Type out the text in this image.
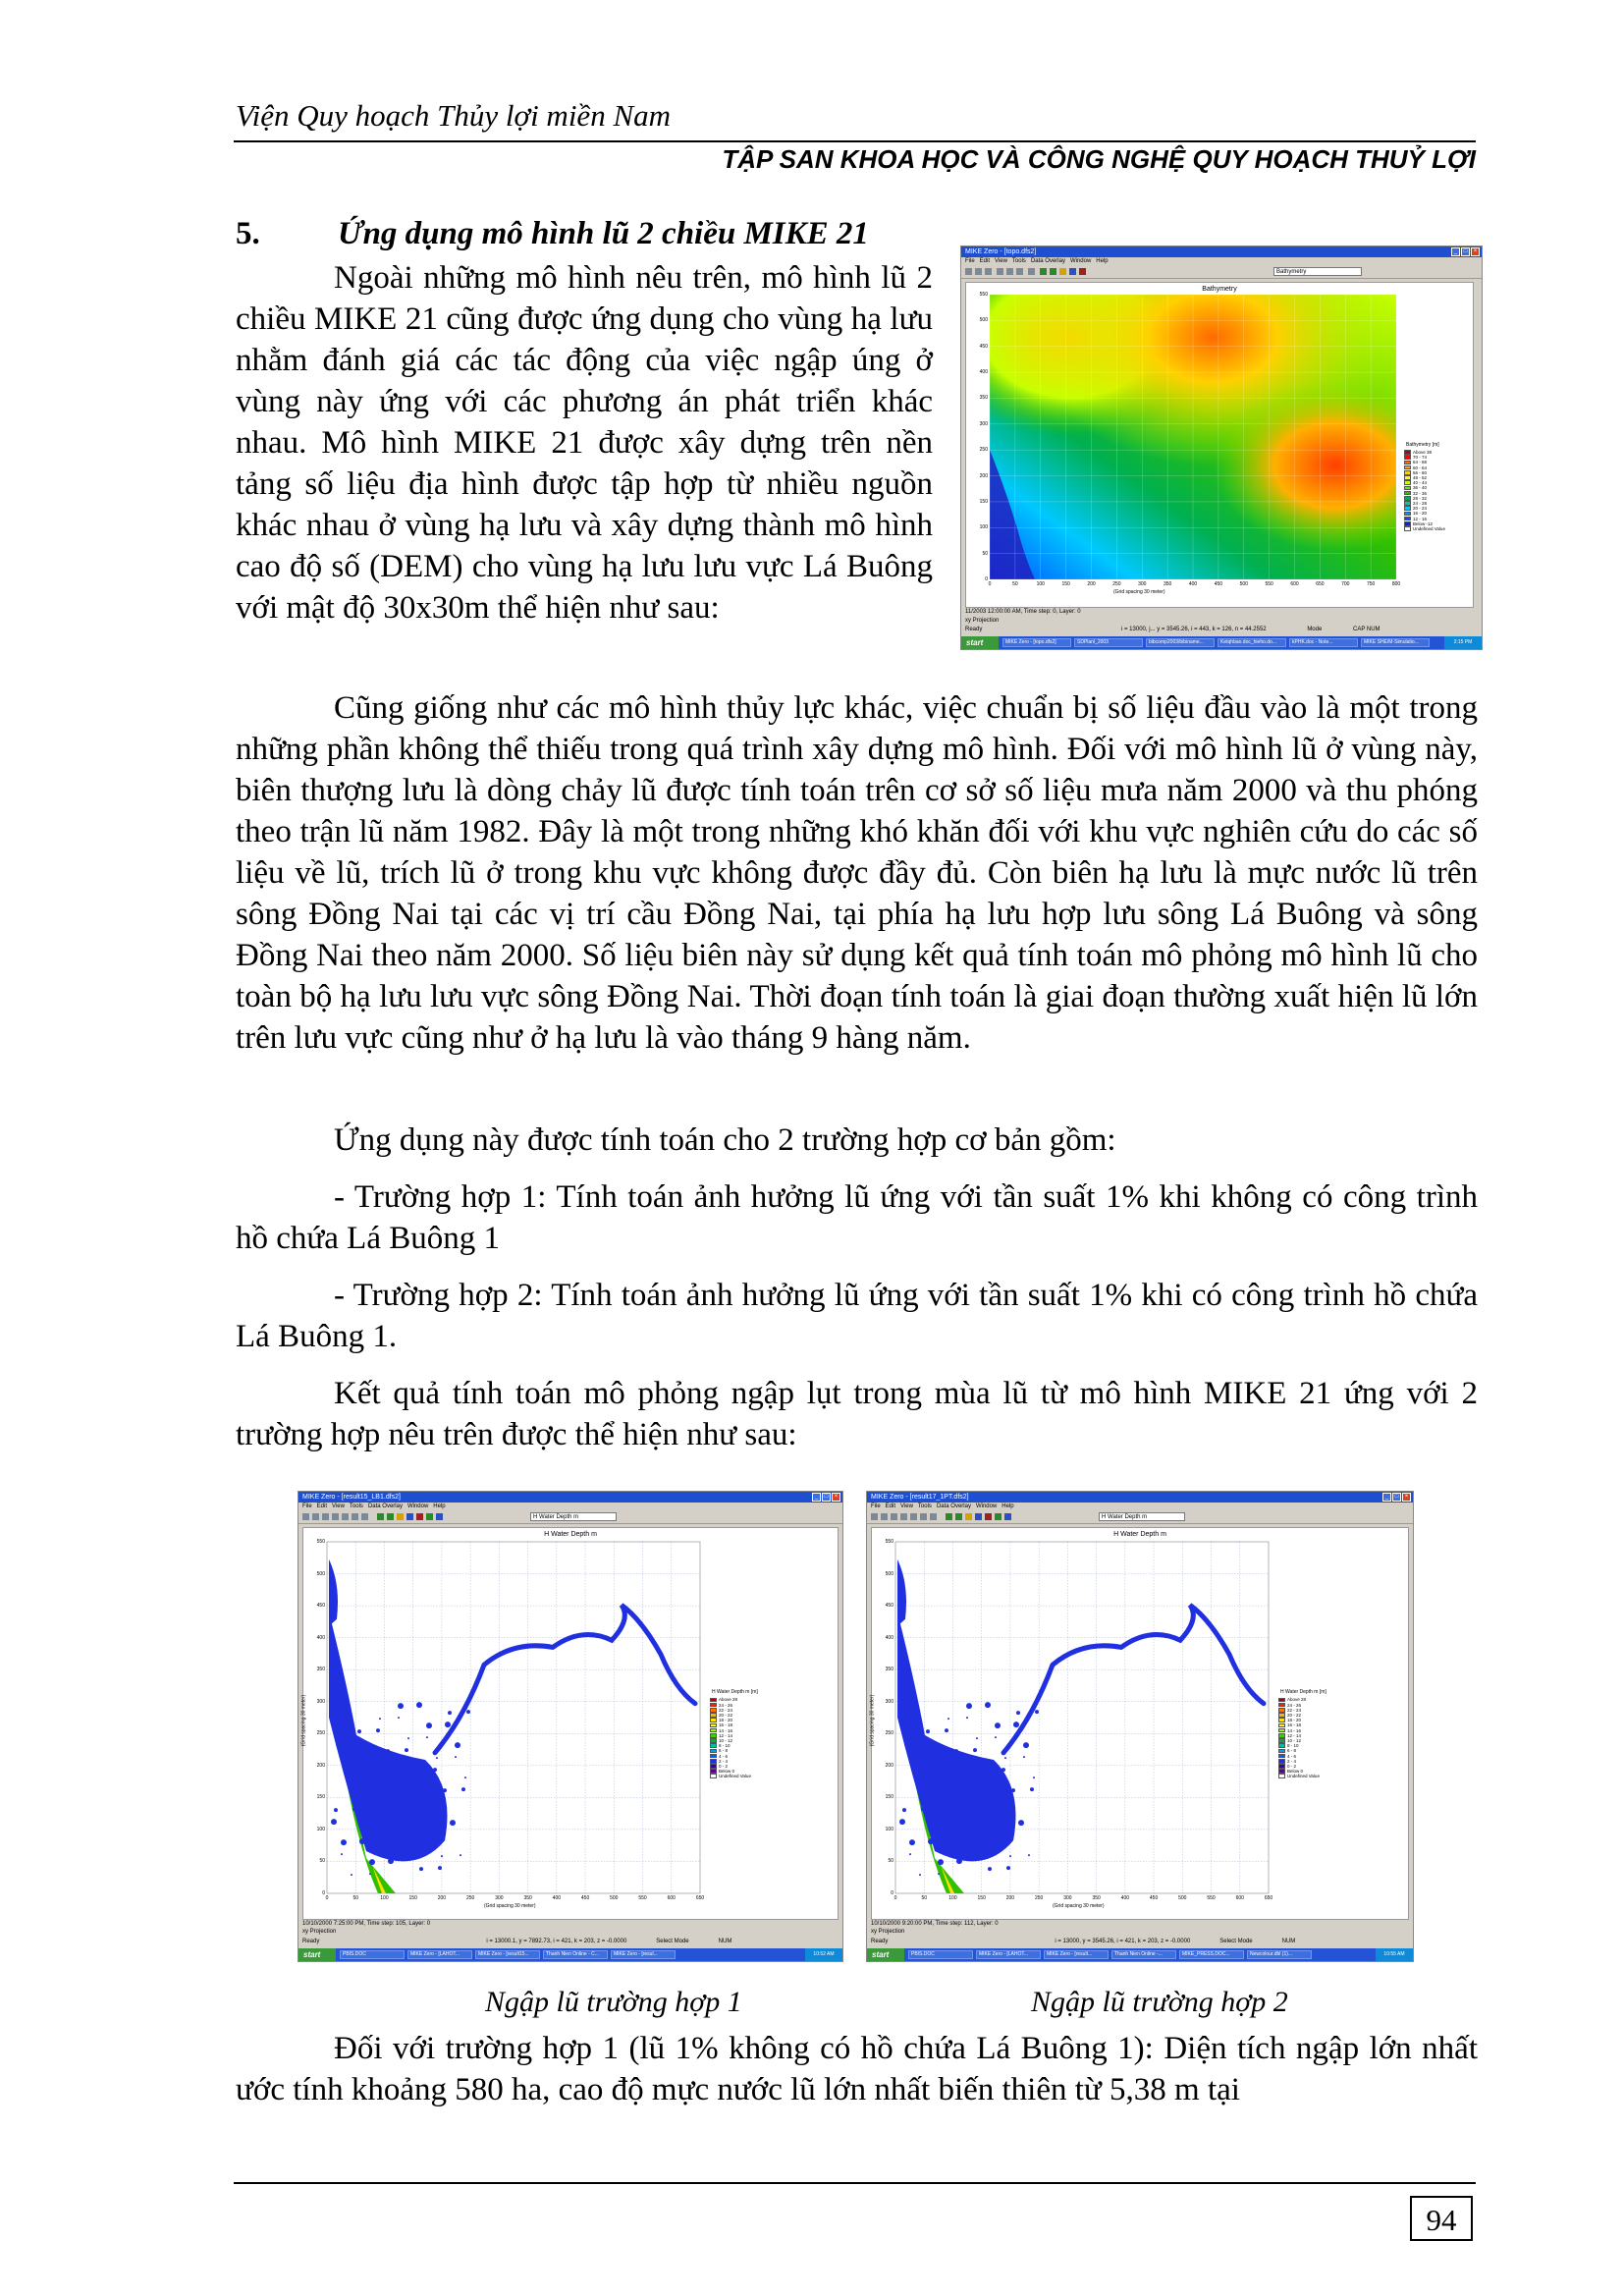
Viện Quy hoạch Thủy lợi miền Nam
TẬP SAN KHOA HỌC VÀ CÔNG NGHỆ QUY HOẠCH THUỶ LỢI
5. Ứng dụng mô hình lũ 2 chiều MIKE 21
Ngoài những mô hình nêu trên, mô hình lũ 2 chiều MIKE 21 cũng được ứng dụng cho vùng hạ lưu nhằm đánh giá các tác động của việc ngập úng ở vùng này ứng với các phương án phát triển khác nhau. Mô hình MIKE 21 được xây dựng trên nền tảng số liệu địa hình được tập hợp từ nhiều nguồn khác nhau ở vùng hạ lưu và xây dựng thành mô hình cao độ số (DEM) cho vùng hạ lưu lưu vực Lá Buông với mật độ 30x30m thể hiện như sau:
MIKE Zero - [topo.dfs2]	_	□	×
File Edit View Tools Data Overlay Window Help
Bathymetry
Bathymetry
Bathymetry [m]
Above 38
70 - 74
64 - 68
60 - 64
56 - 60
48 - 52
40 - 44
36 - 40
32 - 36
28 - 32
24 - 28
20 - 24
16 - 20
12 - 16
Below -12
Undefined Value
550
500
450
400
350
300
250
200
150
100
50
0
0	50	100	150	200	250	300	350	400	450	500	550	600	650	700	750	800
(Grid spacing 30 meter)
11/2003 12:00:00 AM, Time step: 0, Layer: 0
xy Projection
Ready	i = 13000, j... y = 3545.26, i = 443, k = 126, n = 44.2552	Mode	CAP NUM
start	MIKE Zero - [topo.dfs2]	SDPlanl_2003	bibcomp2003/bibiname...	Ketqhbao.doc_hieho.do...	kPHK.doc - Note...	MIKE SHE/M-Simulatio...	2:15 PM
Cũng giống như các mô hình thủy lực khác, việc chuẩn bị số liệu đầu vào là một trong những phần không thể thiếu trong quá trình xây dựng mô hình. Đối với mô hình lũ ở vùng này, biên thượng lưu là dòng chảy lũ được tính toán trên cơ sở số liệu mưa năm 2000 và thu phóng theo trận lũ năm 1982. Đây là một trong những khó khăn đối với khu vực nghiên cứu do các số liệu về lũ, trích lũ ở trong khu vực không được đầy đủ. Còn biên hạ lưu là mực nước lũ trên sông Đồng Nai tại các vị trí cầu Đồng Nai, tại phía hạ lưu hợp lưu sông Lá Buông và sông Đồng Nai theo năm 2000. Số liệu biên này sử dụng kết quả tính toán mô phỏng mô hình lũ cho toàn bộ hạ lưu lưu vực sông Đồng Nai. Thời đoạn tính toán là giai đoạn thường xuất hiện lũ lớn trên lưu vực cũng như ở hạ lưu là vào tháng 9 hàng năm.
Ứng dụng này được tính toán cho 2 trường hợp cơ bản gồm:
- Trường hợp 1: Tính toán ảnh hưởng lũ ứng với tần suất 1% khi không có công trình hồ chứa Lá Buông 1
- Trường hợp 2: Tính toán ảnh hưởng lũ ứng với tần suất 1% khi có công trình hồ chứa Lá Buông 1.
Kết quả tính toán mô phỏng ngập lụt trong mùa lũ từ mô hình MIKE 21 ứng với 2 trường hợp nêu trên được thể hiện như sau:
MIKE Zero - [result15_LB1.dfs2]	_	□	×
File Edit View Tools Data Overlay Window Help
H Water Depth m
H Water Depth m
H Water Depth m [m]
Above 28
24 - 26
22 - 24
20 - 22
18 - 20
16 - 18
14 - 16
12 - 14
10 - 12
8 - 10
6 - 8
4 - 6
2 - 4
0 - 2
Below 0
Undefined Value
550
500
450
400
350
300
250
200
150
100
50
0
0	50	100	150	200	250	300	350	400	450	500	550	600	650
(Grid spacing 30 meter)
(Grid spacing 30 meter)
10/10/2000 7:25:00 PM, Time step: 105, Layer: 0
xy Projection
Ready	i = 13000.1, y = 7892.73, i = 421, k = 203, z = -0.0000	Select Mode	NUM
start	PBIS.DOC	MIKE Zero - [LAHOT...	MIKE Zero - [result15...	Thanh Nien Online - C...	MIKE Zero - [resul...	10:52 AM
MIKE Zero - [result17_1PT.dfs2]	_	□	×
File Edit View Tools Data Overlay Window Help
H Water Depth m
H Water Depth m
H Water Depth m [m]
Above 28
24 - 26
22 - 24
20 - 22
18 - 20
16 - 18
14 - 16
12 - 14
10 - 12
8 - 10
6 - 8
4 - 6
2 - 4
0 - 2
Below 0
Undefined Value
550
500
450
400
350
300
250
200
150
100
50
0
0	50	100	150	200	250	300	350	400	450	500	550	600	650
(Grid spacing 30 meter)
(Grid spacing 30 meter)
10/10/2000 9:20:00 PM, Time step: 112, Layer: 0
xy Projection
Ready	i = 13000, y = 3545.26, i = 421, k = 203, z = -0.0000	Select Mode	NUM
start	PBIS.DOC	MIKE Zero - [LAHOT...	MIKE Zero - [result...	Thanh Nien Online -...	MIKE_PRESS.DOC...	Newcolour.dbl (1)...	10:55 AM
Ngập lũ trường hợp 1	Ngập lũ trường hợp 2
Đối với trường hợp 1 (lũ 1% không có hồ chứa Lá Buông 1): Diện tích ngập lớn nhất ước tính khoảng 580 ha, cao độ mực nước lũ lớn nhất biến thiên từ 5,38 m tại
94
